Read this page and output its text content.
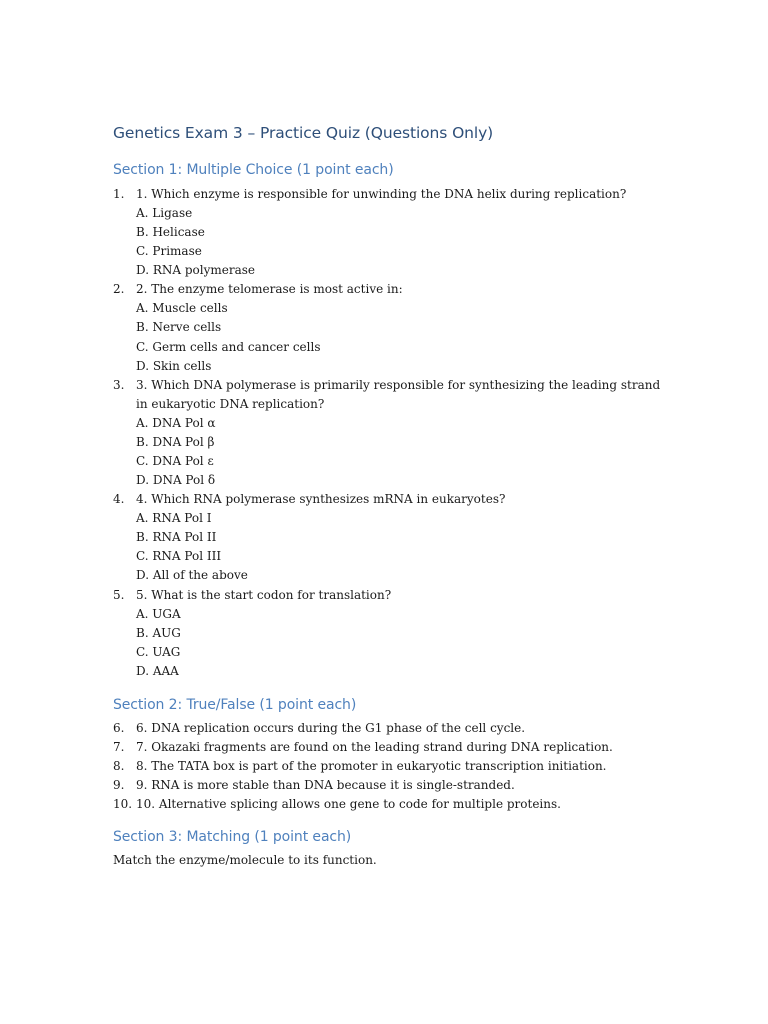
Genetics Exam 3 – Practice Quiz (Questions Only)
Section 1: Multiple Choice (1 point each)
1. 1. Which enzyme is responsible for unwinding the DNA helix during replication?
A. Ligase
B. Helicase
C. Primase
D. RNA polymerase
2. 2. The enzyme telomerase is most active in:
A. Muscle cells
B. Nerve cells
C. Germ cells and cancer cells
D. Skin cells
3. 3. Which DNA polymerase is primarily responsible for synthesizing the leading strand in eukaryotic DNA replication?
A. DNA Pol α
B. DNA Pol β
C. DNA Pol ε
D. DNA Pol δ
4. 4. Which RNA polymerase synthesizes mRNA in eukaryotes?
A. RNA Pol I
B. RNA Pol II
C. RNA Pol III
D. All of the above
5. 5. What is the start codon for translation?
A. UGA
B. AUG
C. UAG
D. AAA
Section 2: True/False (1 point each)
6. 6. DNA replication occurs during the G1 phase of the cell cycle.
7. 7. Okazaki fragments are found on the leading strand during DNA replication.
8. 8. The TATA box is part of the promoter in eukaryotic transcription initiation.
9. 9. RNA is more stable than DNA because it is single-stranded.
10. 10. Alternative splicing allows one gene to code for multiple proteins.
Section 3: Matching (1 point each)

Match the enzyme/molecule to its function.
